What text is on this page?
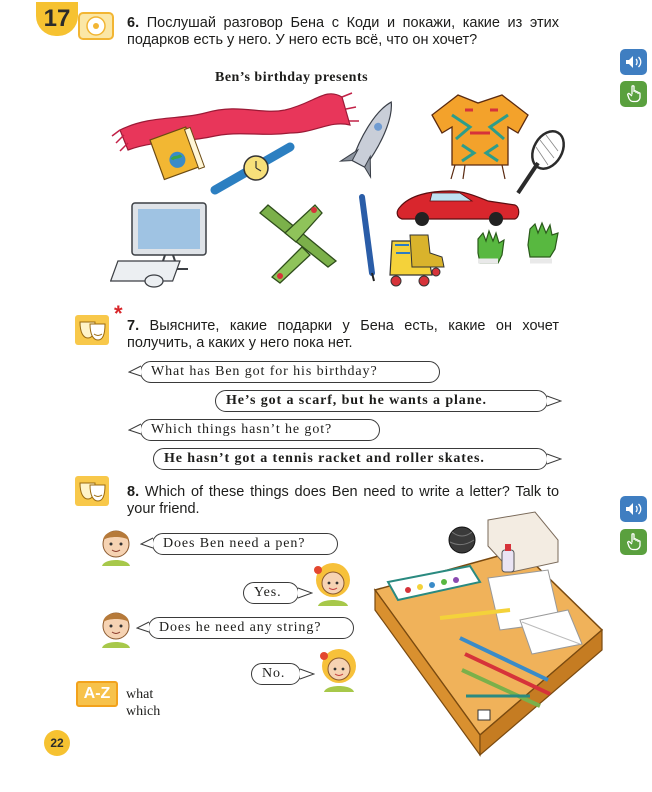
17	6. Послушай разговор Бена с Коди и покажи, какие из этих подарков есть у него. У него есть всё, что он хочет?
Ben’s birthday presents
* 7. Выясните, какие подарки у Бена есть, какие он хочет получить, а каких у него пока нет.
What has Ben got for his birthday?
He’s got a scarf, but he wants a plane.
Which things hasn’t he got?
He hasn’t got a tennis racket and roller skates.
8. Which of these things does Ben need to write a letter? Talk to your friend.
Does Ben need a pen?
Yes.
Does he need any string?
No.
A-Z what
which
22
